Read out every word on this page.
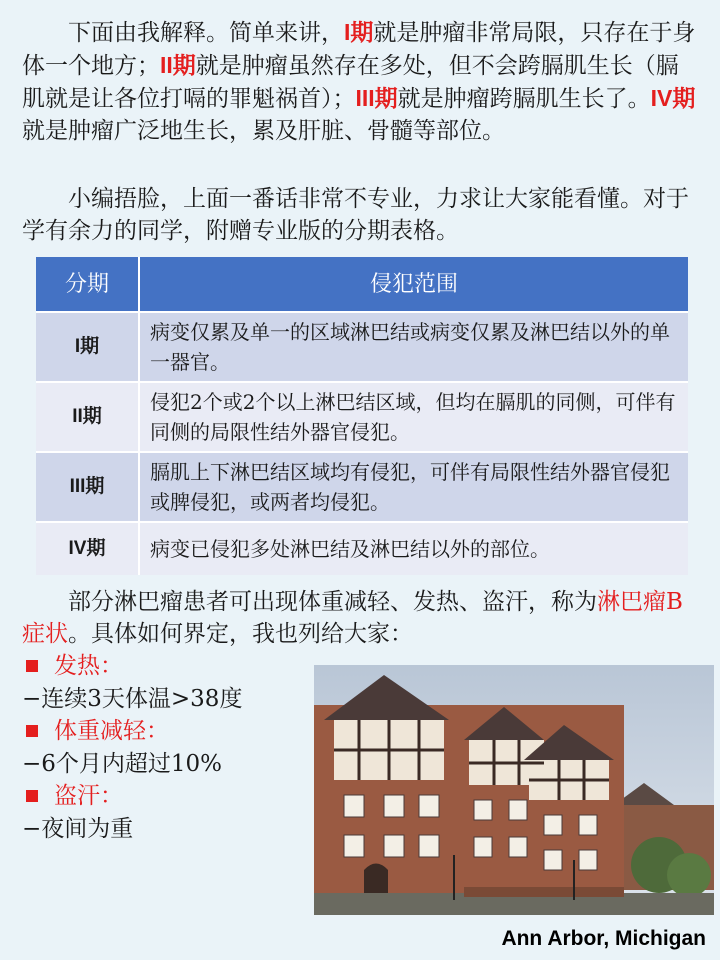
　　下面由我解释。简单来讲，I期就是肿瘤非常局限，只存在于身体一个地方；II期就是肿瘤虽然存在多处，但不会跨膈肌生长（膈肌就是让各位打嗝的罪魁祸首）；III期就是肿瘤跨膈肌生长了。IV期就是肿瘤广泛地生长，累及肝脏、骨髓等部位。

　　小编捂脸，上面一番话非常不专业，力求让大家能看懂。对于学有余力的同学，附赠专业版的分期表格。

分期	侵犯范围
I期	病变仅累及单一的区域淋巴结或病变仅累及淋巴结以外的单一器官。
II期	侵犯2个或2个以上淋巴结区域，但均在膈肌的同侧，可伴有同侧的局限性结外器官侵犯。
III期	膈肌上下淋巴结区域均有侵犯，可伴有局限性结外器官侵犯或脾侵犯，或两者均侵犯。
IV期	病变已侵犯多处淋巴结及淋巴结以外的部位。

　　部分淋巴瘤患者可出现体重减轻、发热、盗汗，称为淋巴瘤B症状。具体如何界定，我也列给大家：

发热：
−连续3天体温>38度
体重减轻：
−6个月内超过10%
盗汗：
−夜间为重
Ann Arbor, Michigan
